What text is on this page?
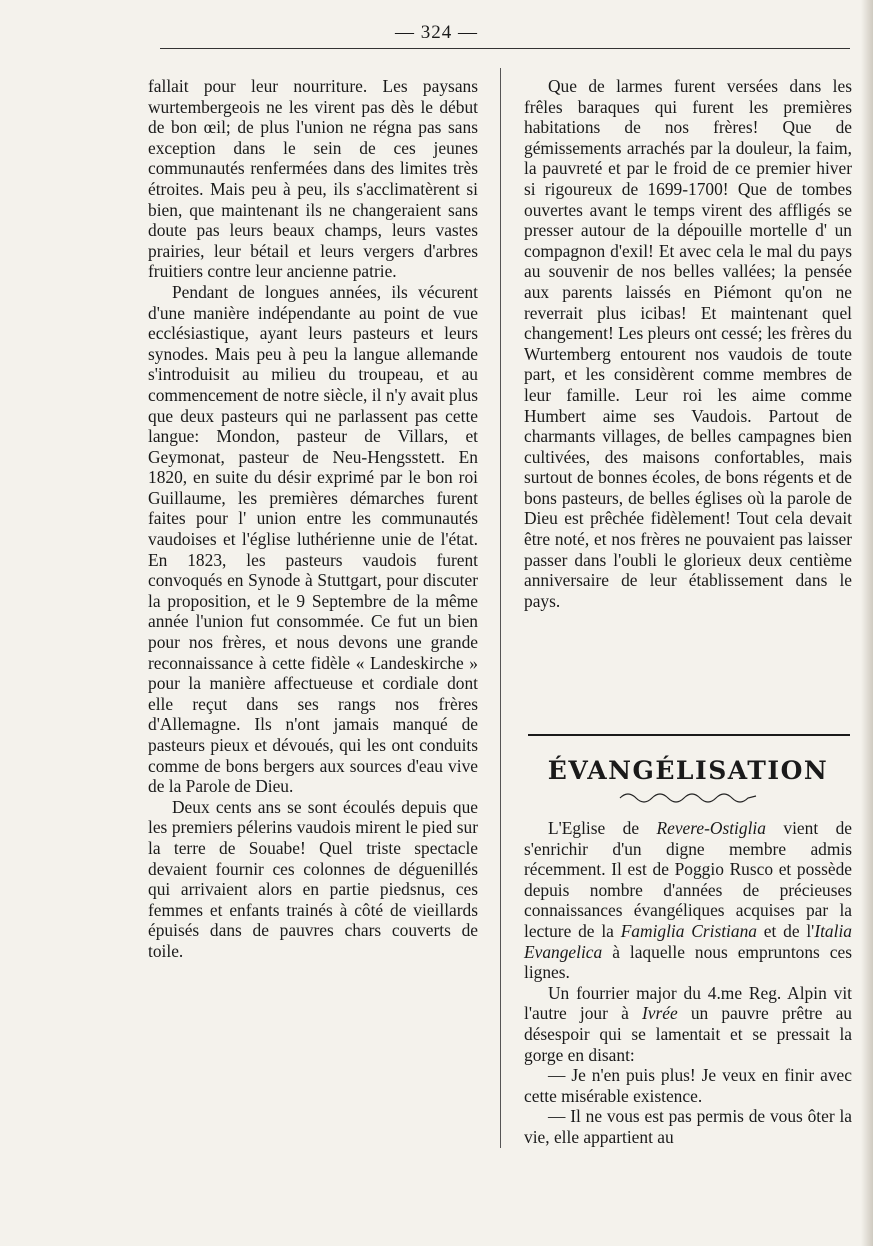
— 324 —

fallait pour leur nourriture. Les paysans wurtembergeois ne les virent pas dès le début de bon œil; de plus l'union ne régna pas sans exception dans le sein de ces jeunes communautés renfermées dans des limites très étroites. Mais peu à peu, ils s'acclimatèrent si bien, que maintenant ils ne changeraient sans doute pas leurs beaux champs, leurs vastes prairies, leur bétail et leurs vergers d'arbres fruitiers contre leur ancienne patrie.

Pendant de longues années, ils vécurent d'une manière indépendante au point de vue ecclésiastique, ayant leurs pasteurs et leurs synodes. Mais peu à peu la langue allemande s'introduisit au milieu du troupeau, et au commencement de notre siècle, il n'y avait plus que deux pasteurs qui ne parlassent pas cette langue: Mondon, pasteur de Villars, et Geymonat, pasteur de Neu-Hengsstett. En 1820, en suite du désir exprimé par le bon roi Guillaume, les premières démarches furent faites pour l' union entre les communautés vaudoises et l'église luthérienne unie de l'état. En 1823, les pasteurs vaudois furent convoqués en Synode à Stuttgart, pour discuter la proposition, et le 9 Septembre de la même année l'union fut consommée. Ce fut un bien pour nos frères, et nous devons une grande reconnaissance à cette fidèle « Landeskirche » pour la manière affectueuse et cordiale dont elle reçut dans ses rangs nos frères d'Allemagne. Ils n'ont jamais manqué de pasteurs pieux et dévoués, qui les ont conduits comme de bons bergers aux sources d'eau vive de la Parole de Dieu.

Deux cents ans se sont écoulés depuis que les premiers pélerins vaudois mirent le pied sur la terre de Souabe! Quel triste spectacle devaient fournir ces colonnes de déguenillés qui arrivaient alors en partie piedsnus, ces femmes et enfants trainés à côté de vieillards épuisés dans de pauvres chars couverts de toile.

Que de larmes furent versées dans les frêles baraques qui furent les premières habitations de nos frères! Que de gémissements arrachés par la douleur, la faim, la pauvreté et par le froid de ce premier hiver si rigoureux de 1699-1700! Que de tombes ouvertes avant le temps virent des affligés se presser autour de la dépouille mortelle d' un compagnon d'exil! Et avec cela le mal du pays au souvenir de nos belles vallées; la pensée aux parents laissés en Piémont qu'on ne reverrait plus icibas! Et maintenant quel changement! Les pleurs ont cessé; les frères du Wurtemberg entourent nos vaudois de toute part, et les considèrent comme membres de leur famille. Leur roi les aime comme Humbert aime ses Vaudois. Partout de charmants villages, de belles campagnes bien cultivées, des maisons confortables, mais surtout de bonnes écoles, de bons régents et de bons pasteurs, de belles églises où la parole de Dieu est prêchée fidèlement! Tout cela devait être noté, et nos frères ne pouvaient pas laisser passer dans l'oubli le glorieux deux centième anniversaire de leur établissement dans le pays.

ÉVANGÉLISATION

L'Eglise de Revere-Ostiglia vient de s'enrichir d'un digne membre admis récemment. Il est de Poggio Rusco et possède depuis nombre d'années de précieuses connaissances évangéliques acquises par la lecture de la Famiglia Cristiana et de l'Italia Evangelica à laquelle nous empruntons ces lignes.

Un fourrier major du 4.me Reg. Alpin vit l'autre jour à Ivrée un pauvre prêtre au désespoir qui se lamentait et se pressait la gorge en disant:

— Je n'en puis plus! Je veux en finir avec cette misérable existence.

— Il ne vous est pas permis de vous ôter la vie, elle appartient au
